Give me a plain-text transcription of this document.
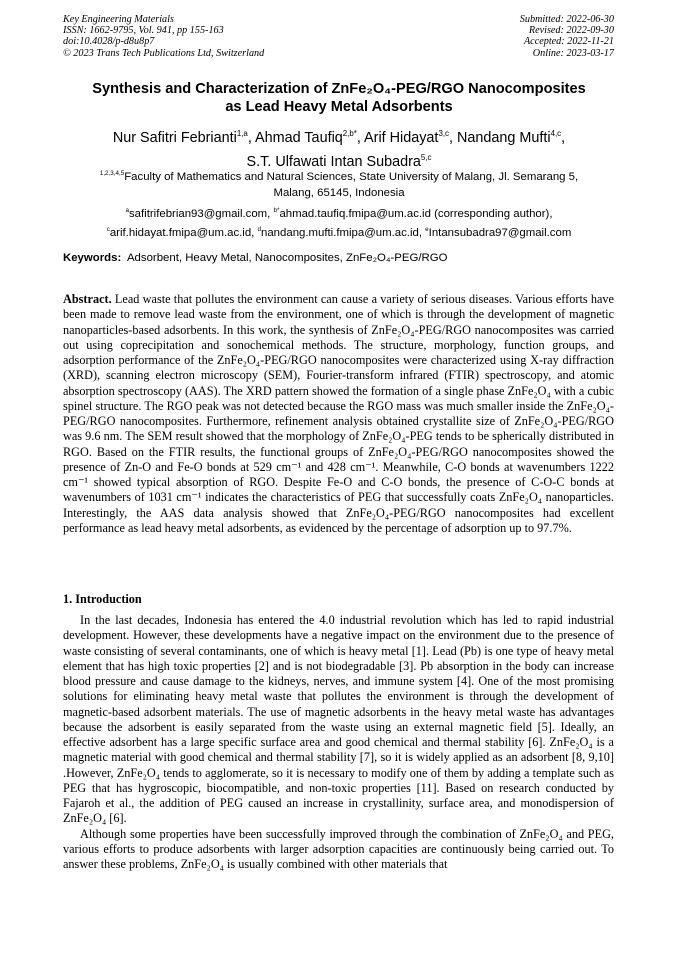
Key Engineering Materials
ISSN: 1662-9795, Vol. 941, pp 155-163
doi:10.4028/p-d8u8p7
© 2023 Trans Tech Publications Ltd, Switzerland
Submitted: 2022-06-30
Revised: 2022-09-30
Accepted: 2022-11-21
Online: 2023-03-17
Synthesis and Characterization of ZnFe₂O₄-PEG/RGO Nanocomposites
as Lead Heavy Metal Adsorbents
Nur Safitri Febrianti$^{1,a}$, Ahmad Taufiq$^{2,b*}$, Arif Hidayat$^{3,c}$, Nandang Mufti$^{4,c}$,
S.T. Ulfawati Intan Subadra$^{5,c}$
$^{1,2,3,4,5}$Faculty of Mathematics and Natural Sciences, State University of Malang, Jl. Semarang 5,
Malang, 65145, Indonesia
$^a$safitrifebrian93@gmail.com, $^{b*}$ahmad.taufiq.fmipa@um.ac.id (corresponding author),
$^c$arif.hidayat.fmipa@um.ac.id, $^d$nandang.mufti.fmipa@um.ac.id, $^e$Intansubadra97@gmail.com
Keywords: Adsorbent, Heavy Metal, Nanocomposites, ZnFe₂O₄-PEG/RGO
Abstract. Lead waste that pollutes the environment can cause a variety of serious diseases. Various efforts have been made to remove lead waste from the environment, one of which is through the development of magnetic nanoparticles-based adsorbents. In this work, the synthesis of ZnFe₂O₄-PEG/RGO nanocomposites was carried out using coprecipitation and sonochemical methods. The structure, morphology, function groups, and adsorption performance of the ZnFe₂O₄-PEG/RGO nanocomposites were characterized using X-ray diffraction (XRD), scanning electron microscopy (SEM), Fourier-transform infrared (FTIR) spectroscopy, and atomic absorption spectroscopy (AAS). The XRD pattern showed the formation of a single phase ZnFe₂O₄ with a cubic spinel structure. The RGO peak was not detected because the RGO mass was much smaller inside the ZnFe₂O₄-PEG/RGO nanocomposites. Furthermore, refinement analysis obtained crystallite size of ZnFe₂O₄-PEG/RGO was 9.6 nm. The SEM result showed that the morphology of ZnFe₂O₄-PEG tends to be spherically distributed in RGO. Based on the FTIR results, the functional groups of ZnFe₂O₄-PEG/RGO nanocomposites showed the presence of Zn-O and Fe-O bonds at 529 cm⁻¹ and 428 cm⁻¹. Meanwhile, C-O bonds at wavenumbers 1222 cm⁻¹ showed typical absorption of RGO. Despite Fe-O and C-O bonds, the presence of C-O-C bonds at wavenumbers of 1031 cm⁻¹ indicates the characteristics of PEG that successfully coats ZnFe₂O₄ nanoparticles. Interestingly, the AAS data analysis showed that ZnFe₂O₄-PEG/RGO nanocomposites had excellent performance as lead heavy metal adsorbents, as evidenced by the percentage of adsorption up to 97.7%.
1. Introduction

In the last decades, Indonesia has entered the 4.0 industrial revolution which has led to rapid industrial development. However, these developments have a negative impact on the environment due to the presence of waste consisting of several contaminants, one of which is heavy metal [1]. Lead (Pb) is one type of heavy metal element that has high toxic properties [2] and is not biodegradable [3]. Pb absorption in the body can increase blood pressure and cause damage to the kidneys, nerves, and immune system [4]. One of the most promising solutions for eliminating heavy metal waste that pollutes the environment is through the development of magnetic-based adsorbent materials. The use of magnetic adsorbents in the heavy metal waste has advantages because the adsorbent is easily separated from the waste using an external magnetic field [5]. Ideally, an effective adsorbent has a large specific surface area and good chemical and thermal stability [6]. ZnFe₂O₄ is a magnetic material with good chemical and thermal stability [7], so it is widely applied as an adsorbent [8, 9,10] .However, ZnFe₂O₄ tends to agglomerate, so it is necessary to modify one of them by adding a template such as PEG that has hygroscopic, biocompatible, and non-toxic properties [11]. Based on research conducted by Fajaroh et al., the addition of PEG caused an increase in crystallinity, surface area, and monodispersion of ZnFe₂O₄ [6].

Although some properties have been successfully improved through the combination of ZnFe₂O₄ and PEG, various efforts to produce adsorbents with larger adsorption capacities are continuously being carried out. To answer these problems, ZnFe₂O₄ is usually combined with other materials that
